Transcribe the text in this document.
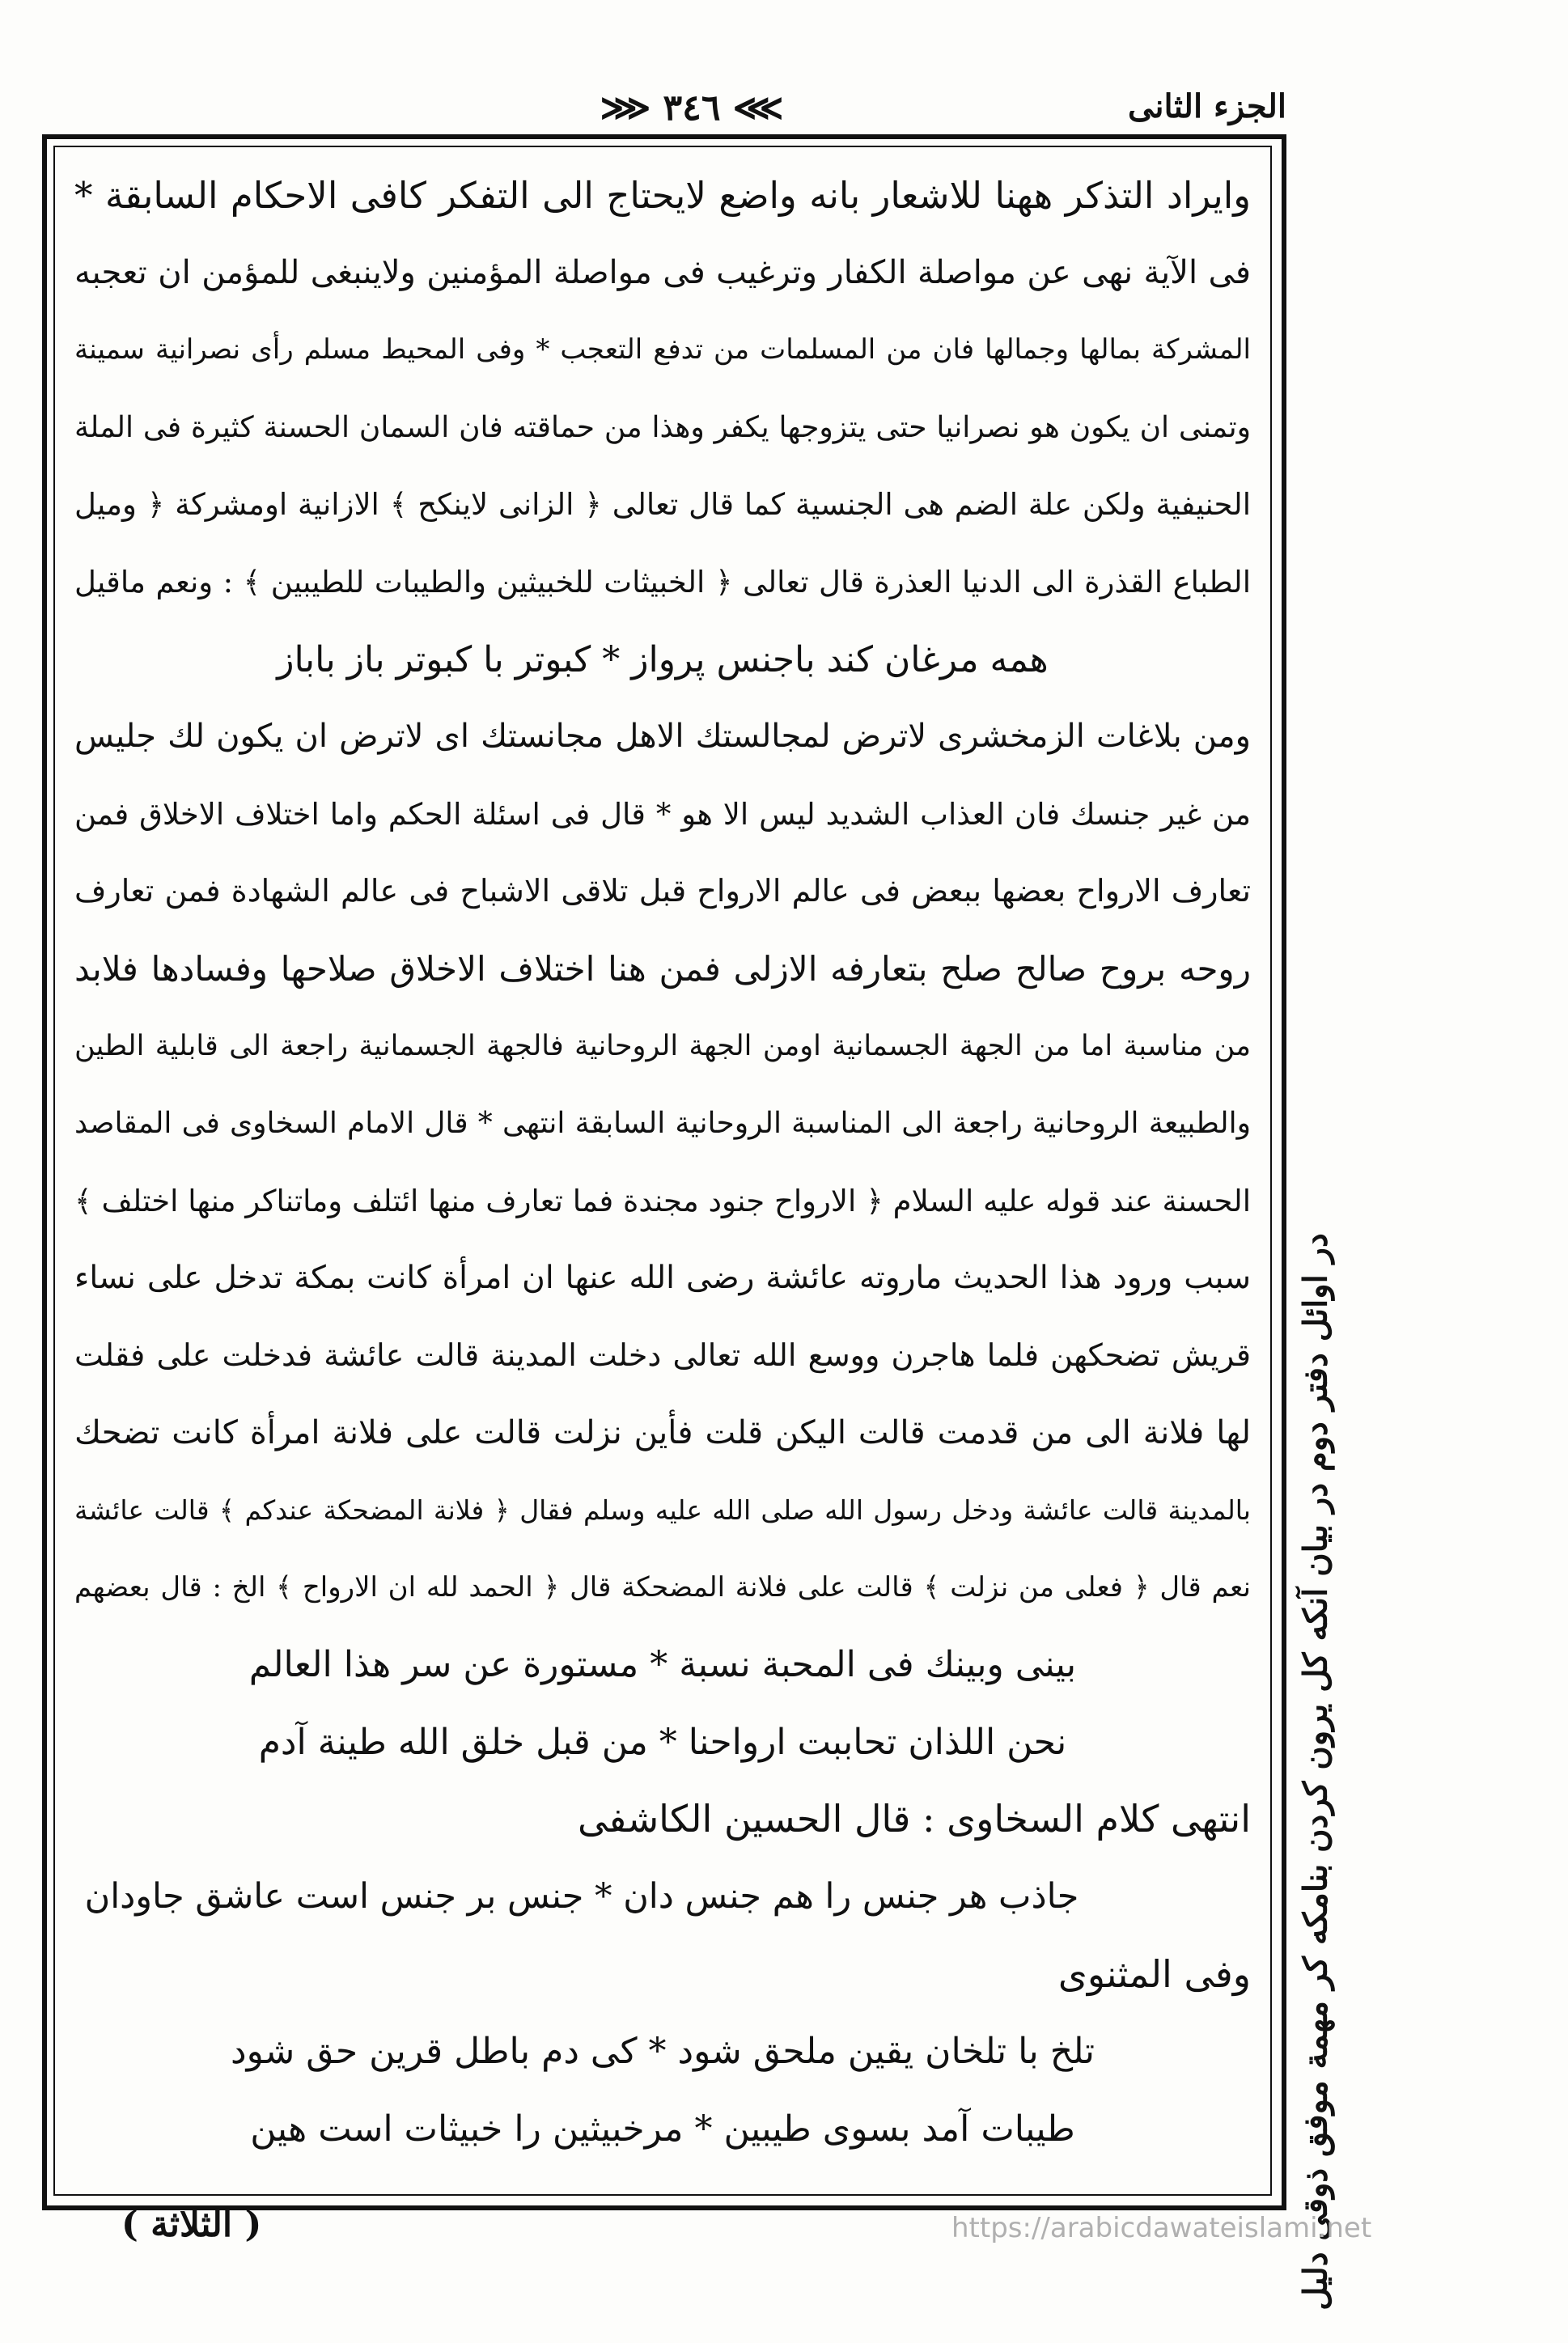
الجزء الثانى
⋙ ۳٤٦ ⋘
وايراد التذكر ههنا للاشعار بانه واضع لايحتاج الى التفكر كافى الاحكام السابقة *
فى الآية نهى عن مواصلة الكفار وترغيب فى مواصلة المؤمنين ولاينبغى للمؤمن ان تعجبه
المشركة بمالها وجمالها فان من المسلمات من تدفع التعجب * وفى المحيط مسلم رأى نصرانية سمينة
وتمنى ان يكون هو نصرانيا حتى يتزوجها يكفر وهذا من حماقته فان السمان الحسنة كثيرة فى الملة
الحنيفية ولكن علة الضم هى الجنسية كما قال تعالى ﴿ الزانى لاينكح ﴾ الازانية اومشركة ﴿ وميل
الطباع القذرة الى الدنيا العذرة قال تعالى ﴿ الخبيثات للخبيثين والطيبات للطيبين ﴾ : ونعم ماقيل
همه مرغان كند باجنس پرواز * كبوتر با كبوتر باز باباز
ومن بلاغات الزمخشرى لاترض لمجالستك الاهل مجانستك اى لاترض ان يكون لك جليس
من غير جنسك فان العذاب الشديد ليس الا هو * قال فى اسئلة الحكم واما اختلاف الاخلاق فمن
تعارف الارواح بعضها ببعض فى عالم الارواح قبل تلاقى الاشباح فى عالم الشهادة فمن تعارف
روحه بروح صالح صلح بتعارفه الازلى فمن هنا اختلاف الاخلاق صلاحها وفسادها فلابد
من مناسبة اما من الجهة الجسمانية اومن الجهة الروحانية فالجهة الجسمانية راجعة الى قابلية الطين
والطبيعة الروحانية راجعة الى المناسبة الروحانية السابقة انتهى * قال الامام السخاوى فى المقاصد
الحسنة عند قوله عليه السلام ﴿ الارواح جنود مجندة فما تعارف منها ائتلف وماتناكر منها اختلف ﴾
سبب ورود هذا الحديث ماروته عائشة رضى الله عنها ان امرأة كانت بمكة تدخل على نساء
قريش تضحكهن فلما هاجرن ووسع الله تعالى دخلت المدينة قالت عائشة فدخلت على فقلت
لها فلانة الى من قدمت قالت اليكن قلت فأين نزلت قالت على فلانة امرأة كانت تضحك
بالمدينة قالت عائشة ودخل رسول الله صلى الله عليه وسلم فقال ﴿ فلانة المضحكة عندكم ﴾ قالت عائشة
نعم قال ﴿ فعلى من نزلت ﴾ قالت على فلانة المضحكة قال ﴿ الحمد لله ان الارواح ﴾ الخ : قال بعضهم
بينى وبينك فى المحبة نسبة * مستورة عن سر هذا العالم
نحن اللذان تحاببت ارواحنا * من قبل خلق الله طينة آدم
انتهى كلام السخاوى : قال الحسين الكاشفى
جاذب هر جنس را هم جنس دان * جنس بر جنس است عاشق جاودان
وفى المثنوى
تلخ با تلخان يقين ملحق شود * كى دم باطل قرين حق شود
طيبات آمد بسوى طيبين * مرخبيثين را خبيثات است هين	در اوائل دفتر دوم در بيان آنكه كل يرون كردن بنامكه كر مهمة موفق ذوقى دليل
( الثلاثة )	https://arabicdawateislami.net
